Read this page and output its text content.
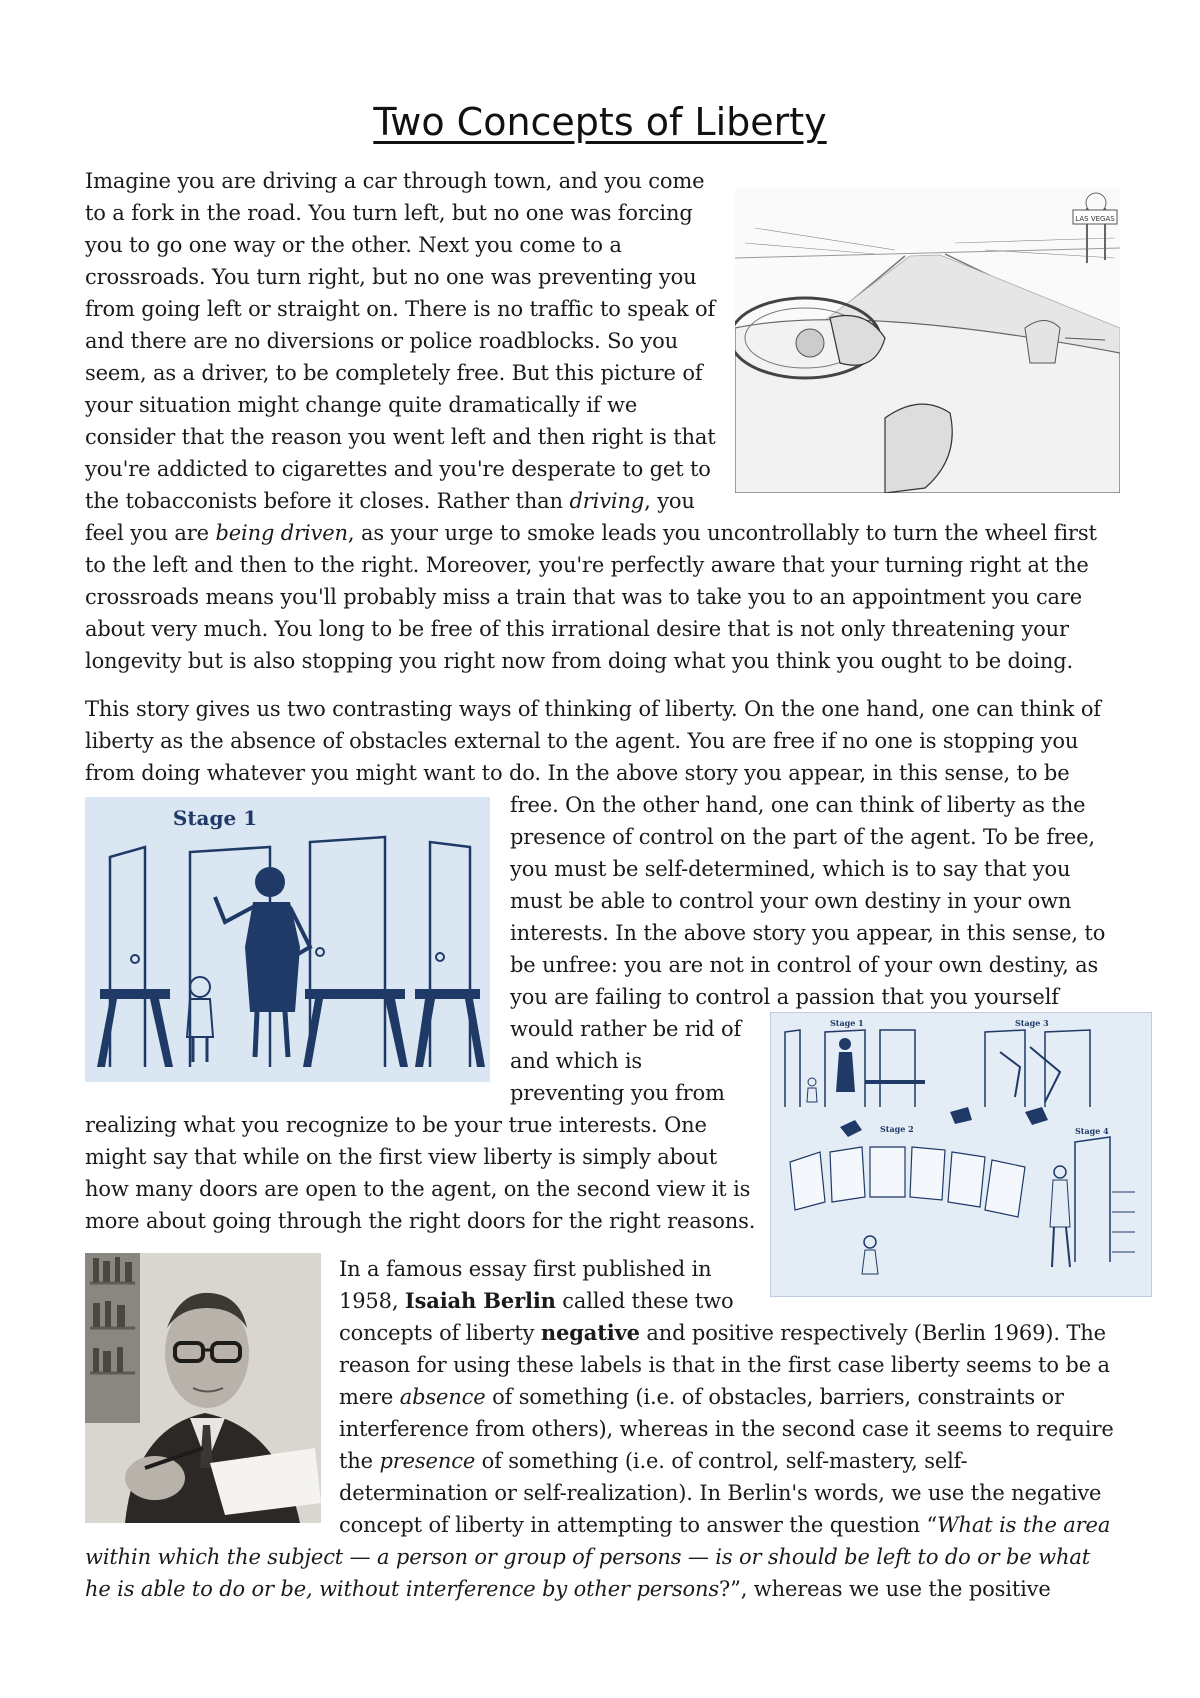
Two Concepts of Liberty
LAS VEGAS
Stage 1
Stage 1	Stage 3
Stage 2	Stage 4

Imagine you are driving a car through town, and you come
to a fork in the road. You turn left, but no one was forcing
you to go one way or the other. Next you come to a
crossroads. You turn right, but no one was preventing you
from going left or straight on. There is no traffic to speak of
and there are no diversions or police roadblocks. So you
seem, as a driver, to be completely free. But this picture of
your situation might change quite dramatically if we
consider that the reason you went left and then right is that
you're addicted to cigarettes and you're desperate to get to
the tobacconists before it closes. Rather than driving, you
feel you are being driven, as your urge to smoke leads you uncontrollably to turn the wheel first
to the left and then to the right. Moreover, you're perfectly aware that your turning right at the
crossroads means you'll probably miss a train that was to take you to an appointment you care
about very much. You long to be free of this irrational desire that is not only threatening your
longevity but is also stopping you right now from doing what you think you ought to be doing.

This story gives us two contrasting ways of thinking of liberty. On the one hand, one can think of
liberty as the absence of obstacles external to the agent. You are free if no one is stopping you
from doing whatever you might want to do. In the above story you appear, in this sense, to be
free. On the other hand, one can think of liberty as the
presence of control on the part of the agent. To be free,
you must be self-determined, which is to say that you
must be able to control your own destiny in your own
interests. In the above story you appear, in this sense, to
be unfree: you are not in control of your own destiny, as
you are failing to control a passion that you yourself
would rather be rid of
and which is
preventing you from
realizing what you recognize to be your true interests. One
might say that while on the first view liberty is simply about
how many doors are open to the agent, on the second view it is
more about going through the right doors for the right reasons.

In a famous essay first published in
1958, Isaiah Berlin called these two
concepts of liberty negative and positive respectively (Berlin 1969). The
reason for using these labels is that in the first case liberty seems to be a
mere absence of something (i.e. of obstacles, barriers, constraints or
interference from others), whereas in the second case it seems to require
the presence of something (i.e. of control, self-mastery, self-
determination or self-realization). In Berlin's words, we use the negative
concept of liberty in attempting to answer the question “What is the area
within which the subject — a person or group of persons — is or should be left to do or be what
he is able to do or be, without interference by other persons?”, whereas we use the positive
